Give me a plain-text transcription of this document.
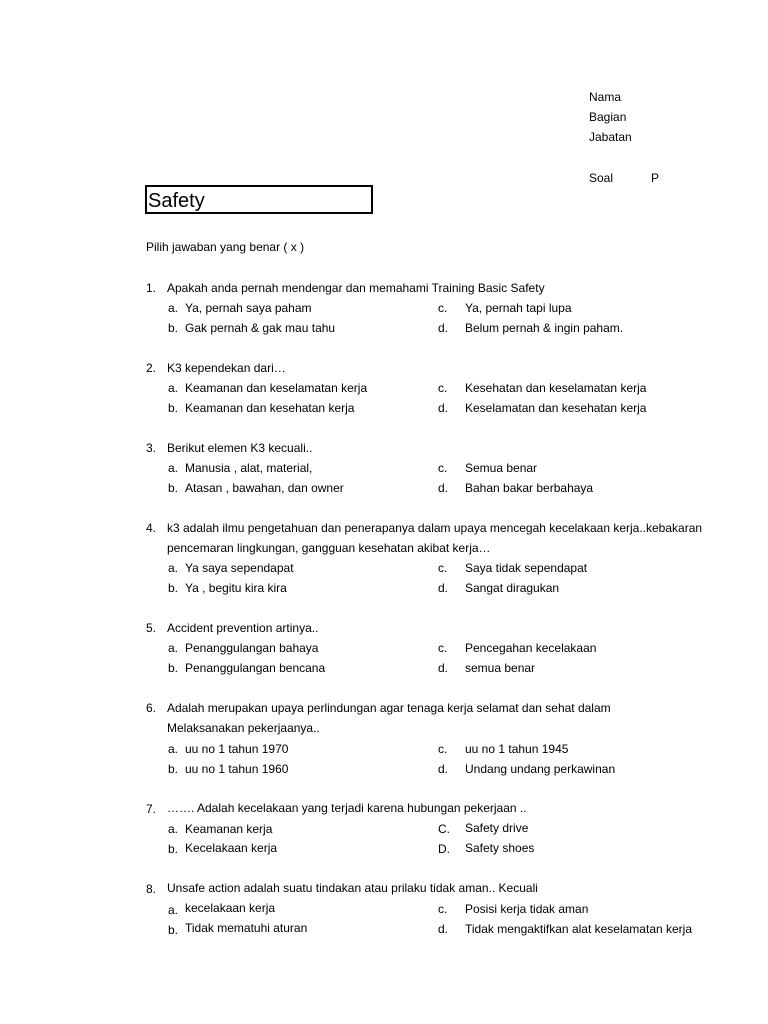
Nama
Bagian
Jabatan
Soal	P
Safety
Pilih jawaban yang benar ( x )
1. Apakah anda pernah mendengar dan memahami Training Basic Safety
a. Ya, pernah saya paham
b. Gak pernah & gak mau tahu
c. Ya, pernah tapi lupa
d. Belum pernah & ingin paham.
2. K3 kependekan dari…
a. Keamanan dan keselamatan kerja
b. Keamanan dan kesehatan kerja
c. Kesehatan dan keselamatan kerja
d. Keselamatan dan kesehatan kerja
3. Berikut elemen K3 kecuali..
a. Manusia , alat, material,
b. Atasan , bawahan, dan owner
c. Semua benar
d. Bahan bakar berbahaya
4. k3 adalah ilmu pengetahuan dan penerapanya dalam upaya mencegah kecelakaan kerja..kebakaran
pencemaran lingkungan, gangguan kesehatan akibat kerja…
a. Ya saya sependapat
b. Ya , begitu kira kira
c. Saya tidak sependapat
d. Sangat diragukan
5. Accident prevention artinya..
a. Penanggulangan bahaya
b. Penanggulangan bencana
c. Pencegahan kecelakaan
d. semua benar
6. Adalah merupakan upaya perlindungan agar tenaga kerja selamat dan sehat dalam
Melaksanakan pekerjaanya..
a. uu no 1 tahun 1970
b. uu no 1 tahun 1960
c. uu no 1 tahun 1945
d. Undang undang perkawinan
7. ……. Adalah kecelakaan yang terjadi karena hubungan pekerjaan ..
a. Keamanan kerja
b. Kecelakaan kerja
C. Safety drive
D. Safety shoes
8. Unsafe action adalah suatu tindakan atau prilaku tidak aman.. Kecuali
a. kecelakaan kerja
b. Tidak mematuhi aturan
c. Posisi kerja tidak aman
d. Tidak mengaktifkan alat keselamatan kerja
